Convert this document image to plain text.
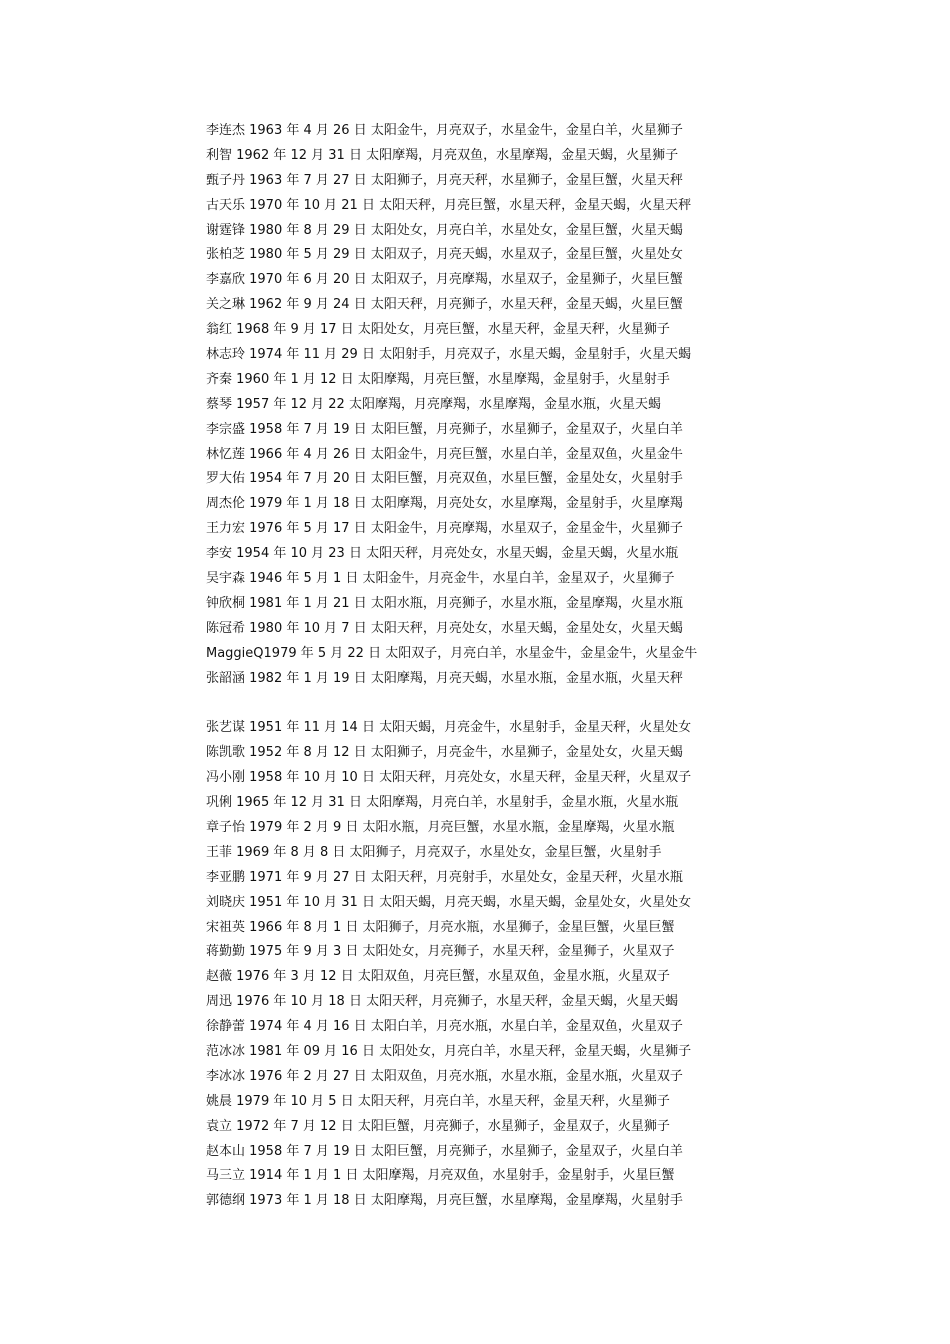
李连杰 1963 年 4 月 26 日 太阳金牛，月亮双子，水星金牛，金星白羊，火星狮子
利智 1962 年 12 月 31 日 太阳摩羯，月亮双鱼，水星摩羯，金星天蝎，火星狮子
甄子丹 1963 年 7 月 27 日 太阳狮子，月亮天秤，水星狮子，金星巨蟹，火星天秤
古天乐 1970 年 10 月 21 日 太阳天秤，月亮巨蟹，水星天秤，金星天蝎，火星天秤
谢霆锋 1980 年 8 月 29 日 太阳处女，月亮白羊，水星处女，金星巨蟹，火星天蝎
张柏芝 1980 年 5 月 29 日 太阳双子，月亮天蝎，水星双子，金星巨蟹，火星处女
李嘉欣 1970 年 6 月 20 日 太阳双子，月亮摩羯，水星双子，金星狮子，火星巨蟹
关之琳 1962 年 9 月 24 日 太阳天秤，月亮狮子，水星天秤，金星天蝎，火星巨蟹
翁红 1968 年 9 月 17 日 太阳处女，月亮巨蟹，水星天秤，金星天秤，火星狮子
林志玲 1974 年 11 月 29 日 太阳射手，月亮双子，水星天蝎，金星射手，火星天蝎
齐秦 1960 年 1 月 12 日 太阳摩羯，月亮巨蟹，水星摩羯，金星射手，火星射手
蔡琴 1957 年 12 月 22 太阳摩羯，月亮摩羯，水星摩羯，金星水瓶，火星天蝎
李宗盛 1958 年 7 月 19 日 太阳巨蟹，月亮狮子，水星狮子，金星双子，火星白羊
林忆莲 1966 年 4 月 26 日 太阳金牛，月亮巨蟹，水星白羊，金星双鱼，火星金牛
罗大佑 1954 年 7 月 20 日 太阳巨蟹，月亮双鱼，水星巨蟹，金星处女，火星射手
周杰伦 1979 年 1 月 18 日 太阳摩羯，月亮处女，水星摩羯，金星射手，火星摩羯
王力宏 1976 年 5 月 17 日 太阳金牛，月亮摩羯，水星双子，金星金牛，火星狮子
李安 1954 年 10 月 23 日 太阳天秤，月亮处女，水星天蝎，金星天蝎，火星水瓶
吴宇森 1946 年 5 月 1 日 太阳金牛，月亮金牛，水星白羊，金星双子，火星狮子
钟欣桐 1981 年 1 月 21 日 太阳水瓶，月亮狮子，水星水瓶，金星摩羯，火星水瓶
陈冠希 1980 年 10 月 7 日 太阳天秤，月亮处女，水星天蝎，金星处女，火星天蝎
MaggieQ1979 年 5 月 22 日 太阳双子，月亮白羊，水星金牛，金星金牛，火星金牛
张韶涵 1982 年 1 月 19 日 太阳摩羯，月亮天蝎，水星水瓶，金星水瓶，火星天秤
张艺谋 1951 年 11 月 14 日 太阳天蝎，月亮金牛，水星射手，金星天秤，火星处女
陈凯歌 1952 年 8 月 12 日 太阳狮子，月亮金牛，水星狮子，金星处女，火星天蝎
冯小刚 1958 年 10 月 10 日 太阳天秤，月亮处女，水星天秤，金星天秤，火星双子
巩俐 1965 年 12 月 31 日 太阳摩羯，月亮白羊，水星射手，金星水瓶，火星水瓶
章子怡 1979 年 2 月 9 日 太阳水瓶，月亮巨蟹，水星水瓶，金星摩羯，火星水瓶
王菲 1969 年 8 月 8 日 太阳狮子，月亮双子，水星处女，金星巨蟹，火星射手
李亚鹏 1971 年 9 月 27 日 太阳天秤，月亮射手，水星处女，金星天秤，火星水瓶
刘晓庆 1951 年 10 月 31 日 太阳天蝎，月亮天蝎，水星天蝎，金星处女，火星处女
宋祖英 1966 年 8 月 1 日 太阳狮子，月亮水瓶，水星狮子，金星巨蟹，火星巨蟹
蒋勤勤 1975 年 9 月 3 日 太阳处女，月亮狮子，水星天秤，金星狮子，火星双子
赵薇 1976 年 3 月 12 日 太阳双鱼，月亮巨蟹，水星双鱼，金星水瓶，火星双子
周迅 1976 年 10 月 18 日 太阳天秤，月亮狮子，水星天秤，金星天蝎，火星天蝎
徐静蕾 1974 年 4 月 16 日 太阳白羊，月亮水瓶，水星白羊，金星双鱼，火星双子
范冰冰 1981 年 09 月 16 日 太阳处女，月亮白羊，水星天秤，金星天蝎，火星狮子
李冰冰 1976 年 2 月 27 日 太阳双鱼，月亮水瓶，水星水瓶，金星水瓶，火星双子
姚晨 1979 年 10 月 5 日 太阳天秤，月亮白羊，水星天秤，金星天秤，火星狮子
袁立 1972 年 7 月 12 日 太阳巨蟹，月亮狮子，水星狮子，金星双子，火星狮子
赵本山 1958 年 7 月 19 日 太阳巨蟹，月亮狮子，水星狮子，金星双子，火星白羊
马三立 1914 年 1 月 1 日 太阳摩羯，月亮双鱼，水星射手，金星射手，火星巨蟹
郭德纲 1973 年 1 月 18 日 太阳摩羯，月亮巨蟹，水星摩羯，金星摩羯，火星射手
